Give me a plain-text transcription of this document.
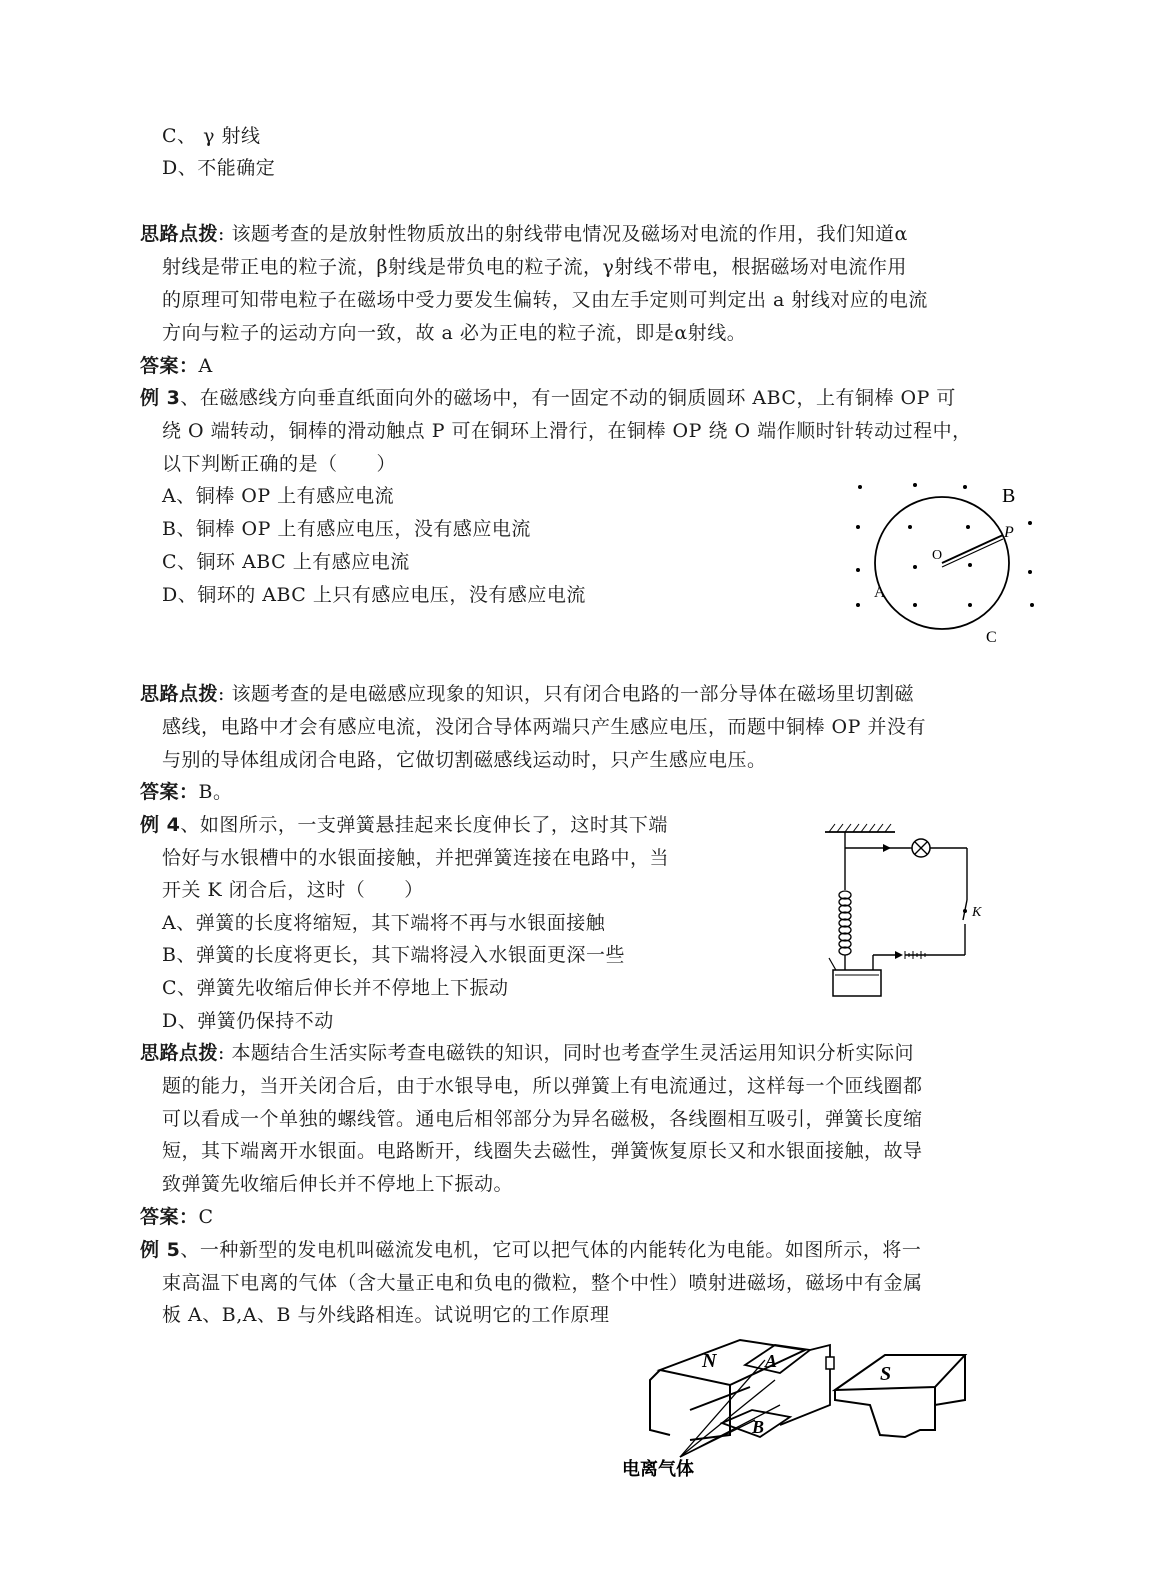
C、 γ 射线
D、不能确定
思路点拨: 该题考查的是放射性物质放出的射线带电情况及磁场对电流的作用，我们知道α
射线是带正电的粒子流，β射线是带负电的粒子流，γ射线不带电，根据磁场对电流作用
的原理可知带电粒子在磁场中受力要发生偏转，又由左手定则可判定出 a 射线对应的电流
方向与粒子的运动方向一致，故 a 必为正电的粒子流，即是α射线。
答案：A
例 3、在磁感线方向垂直纸面向外的磁场中，有一固定不动的铜质圆环 ABC，上有铜棒 OP 可
绕 O 端转动，铜棒的滑动触点 P 可在铜环上滑行，在铜棒 OP 绕 O 端作顺时针转动过程中，
以下判断正确的是（　　）
A、铜棒 OP 上有感应电流
B、铜棒 OP 上有感应电压，没有感应电流
C、铜环 ABC 上有感应电流
D、铜环的 ABC 上只有感应电压，没有感应电流
B
P
O
A
C
思路点拨: 该题考查的是电磁感应现象的知识，只有闭合电路的一部分导体在磁场里切割磁
感线，电路中才会有感应电流，没闭合导体两端只产生感应电压，而题中铜棒 OP 并没有
与别的导体组成闭合电路，它做切割磁感线运动时，只产生感应电压。
答案：B。
例 4、如图所示，一支弹簧悬挂起来长度伸长了，这时其下端
恰好与水银槽中的水银面接触，并把弹簧连接在电路中，当
开关 K 闭合后，这时（　　）
A、弹簧的长度将缩短，其下端将不再与水银面接触
B、弹簧的长度将更长，其下端将浸入水银面更深一些
C、弹簧先收缩后伸长并不停地上下振动
D、弹簧仍保持不动
K
思路点拨: 本题结合生活实际考查电磁铁的知识，同时也考查学生灵活运用知识分析实际问
题的能力，当开关闭合后，由于水银导电，所以弹簧上有电流通过，这样每一个匝线圈都
可以看成一个单独的螺线管。通电后相邻部分为异名磁极，各线圈相互吸引，弹簧长度缩
短，其下端离开水银面。电路断开，线圈失去磁性，弹簧恢复原长又和水银面接触，故导
致弹簧先收缩后伸长并不停地上下振动。
答案：C
例 5、一种新型的发电机叫磁流发电机，它可以把气体的内能转化为电能。如图所示，将一
束高温下电离的气体（含大量正电和负电的微粒，整个中性）喷射进磁场，磁场中有金属
板 A、B,A、B 与外线路相连。试说明它的工作原理
N	A
B
S
电离气体
